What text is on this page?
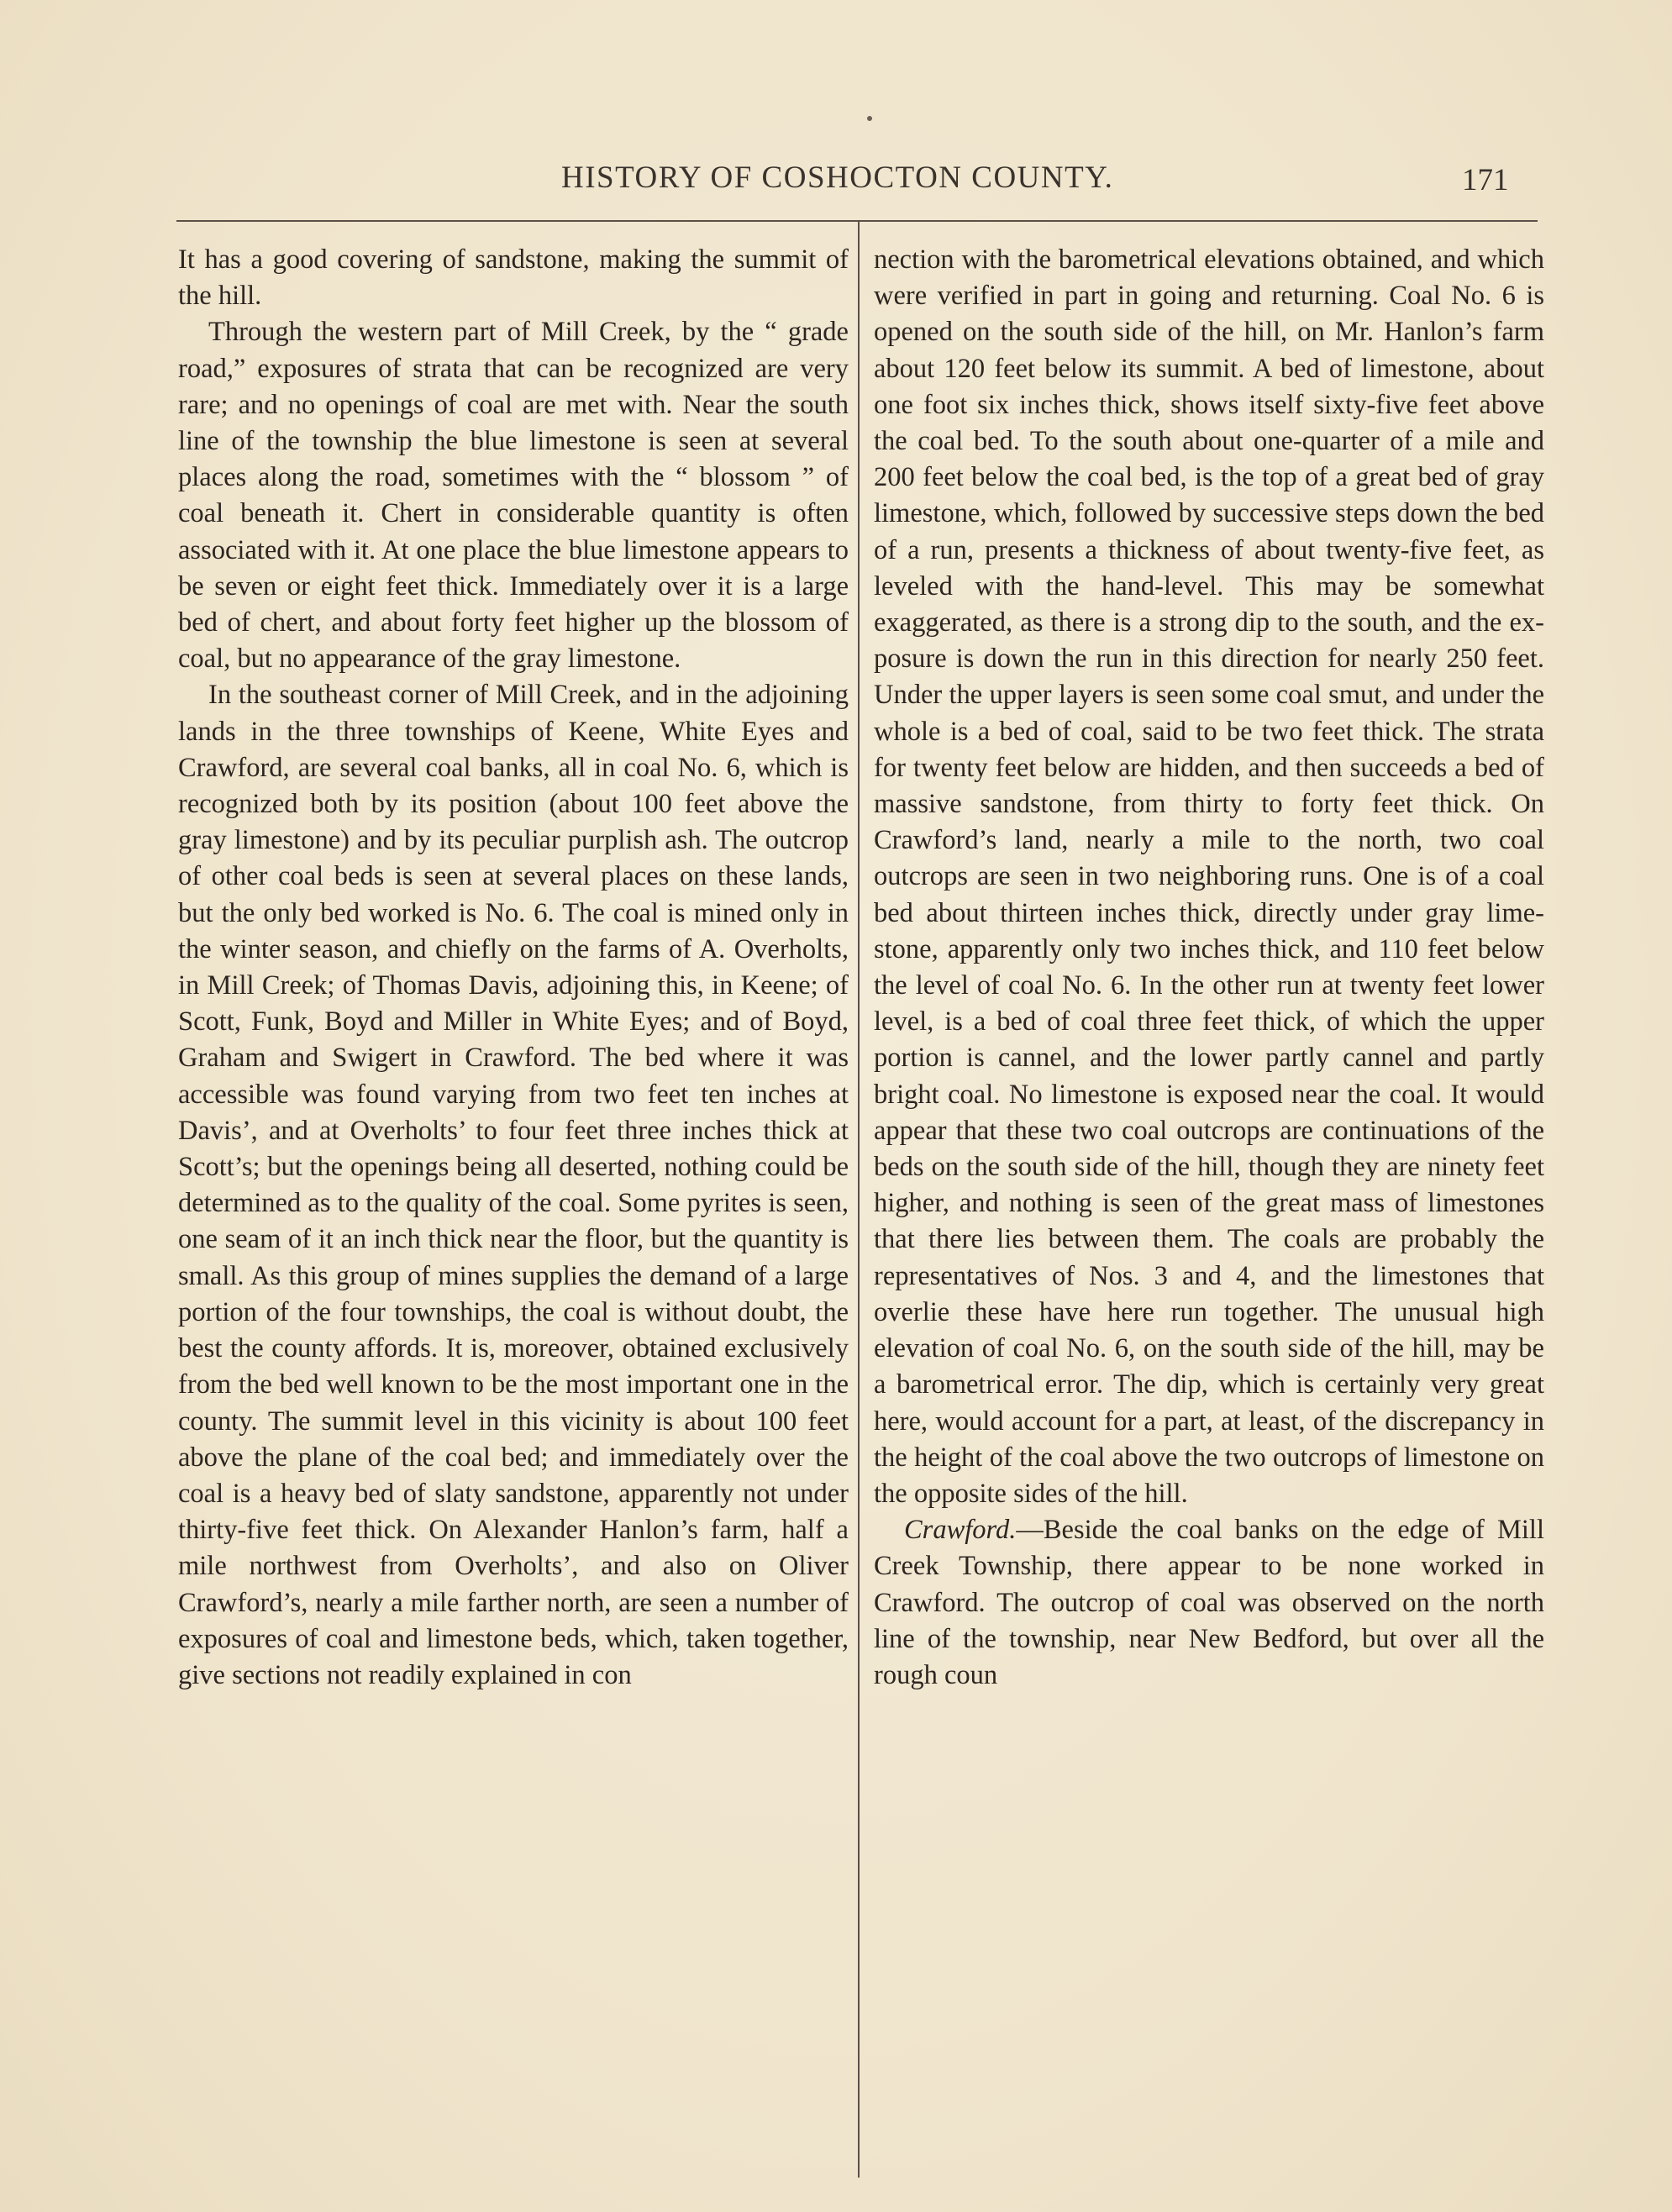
HISTORY OF COSHOCTON COUNTY.	171

It has a good covering of sandstone, making the summit of the hill.

Through the western part of Mill Creek, by the “ grade road,” exposures of strata that can be recognized are very rare; and no openings of coal are met with. Near the south line of the township the blue limestone is seen at several places along the road, sometimes with the “ blossom ” of coal beneath it. Chert in considerable quantity is often associated with it. At one place the blue limestone appears to be seven or eight feet thick. Immediately over it is a large bed of chert, and about forty feet higher up the blossom of coal, but no appearance of the gray limestone.

In the southeast corner of Mill Creek, and in the adjoining lands in the three townships of Keene, White Eyes and Crawford, are several coal banks, all in coal No. 6, which is recognized both by its position (about 100 feet above the gray limestone) and by its peculiar purplish ash. The outcrop of other coal beds is seen at several places on these lands, but the only bed worked is No. 6. The coal is mined only in the winter season, and chiefly on the farms of A. Overholts, in Mill Creek; of Thomas Davis, adjoining this, in Keene; of Scott, Funk, Boyd and Miller in White Eyes; and of Boyd, Graham and Swigert in Crawford. The bed where it was accessible was found varying from two feet ten inches at Davis’, and at Overholts’ to four feet three inches thick at Scott’s; but the openings being all deserted, nothing could be determined as to the quality of the coal. Some pyrites is seen, one seam of it an inch thick near the floor, but the quantity is small. As this group of mines supplies the demand of a large portion of the four townships, the coal is without doubt, the best the county affords. It is, moreover, obtained exclusively from the bed well known to be the most important one in the county. The summit level in this vicinity is about 100 feet above the plane of the coal bed; and immediately over the coal is a heavy bed of slaty sandstone, apparently not under thirty-five feet thick. On Alexander Hanlon’s farm, half a mile northwest from Overholts’, and also on Oliver Crawford’s, nearly a mile farther north, are seen a number of exposures of coal and limestone beds, which, taken together, give sections not readily explained in con

nection with the barometrical elevations obtained, and which were verified in part in going and returning. Coal No. 6 is opened on the south side of the hill, on Mr. Hanlon’s farm about 120 feet below its summit. A bed of limestone, about one foot six inches thick, shows itself sixty-five feet above the coal bed. To the south about one-quarter of a mile and 200 feet below the coal bed, is the top of a great bed of gray limestone, which, followed by successive steps down the bed of a run, presents a thickness of about twenty-five feet, as leveled with the hand-level. This may be somewhat exaggerated, as there is a strong dip to the south, and the exposure is down the run in this direction for nearly 250 feet. Under the upper layers is seen some coal smut, and under the whole is a bed of coal, said to be two feet thick. The strata for twenty feet below are hidden, and then succeeds a bed of massive sandstone, from thirty to forty feet thick. On Crawford’s land, nearly a mile to the north, two coal outcrops are seen in two neighboring runs. One is of a coal bed about thirteen inches thick, directly under gray limestone, apparently only two inches thick, and 110 feet below the level of coal No. 6. In the other run at twenty feet lower level, is a bed of coal three feet thick, of which the upper portion is cannel, and the lower partly cannel and partly bright coal. No limestone is exposed near the coal. It would appear that these two coal outcrops are continuations of the beds on the south side of the hill, though they are ninety feet higher, and nothing is seen of the great mass of limestones that there lies between them. The coals are probably the representatives of Nos. 3 and 4, and the limestones that overlie these have here run together. The unusual high elevation of coal No. 6, on the south side of the hill, may be a barometrical error. The dip, which is certainly very great here, would account for a part, at least, of the discrepancy in the height of the coal above the two outcrops of limestone on the opposite sides of the hill.

Crawford.—Beside the coal banks on the edge of Mill Creek Township, there appear to be none worked in Crawford. The outcrop of coal was observed on the north line of the township, near New Bedford, but over all the rough coun
